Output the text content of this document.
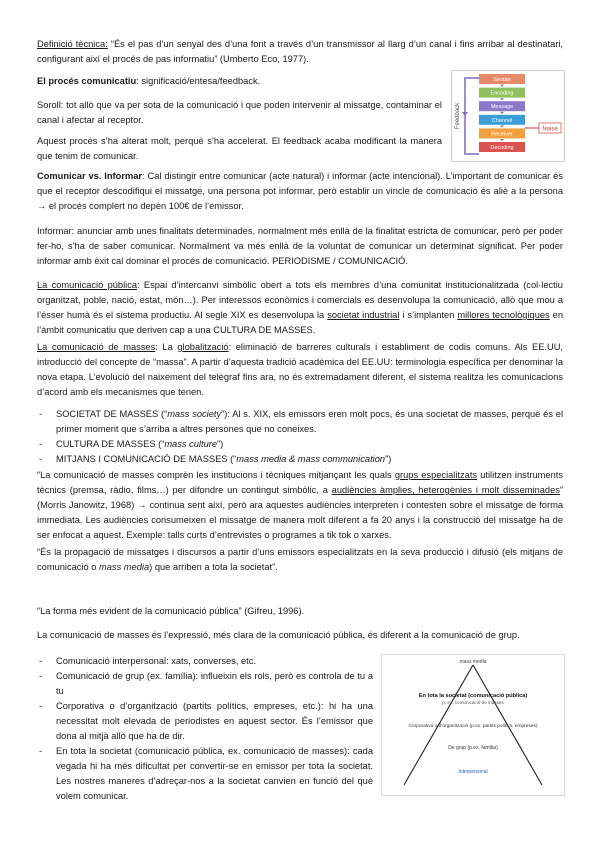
Definició tècnica: “És el pas d’un senyal des d’una font a través d’un transmissor al llarg d’un canal i fins arribar al destinatari, configurant així el procés de pas informatiu” (Umberto Eco, 1977).
El procés comunicatiu: significació/entesa/feedback.
Soroll: tot allò que va per sota de la comunicació i que poden intervenir al missatge, contaminar el canal i afectar al receptor.
Aquest procés s’ha alterat molt, perquè s’ha accelerat. El feedback acaba modificant la manera que tenim de comunicar.
Feedback
Sender
Encoding
Message
Channel
Receiver
Decoding
Noise
Comunicar vs. Informar: Cal distingir entre comunicar (acte natural) i informar (acte intencional). L’important de comunicar és que el receptor descodifiqui el missatge, una persona pot informar, però establir un vincle de comunicació és aliè a la persona → el procés complert no depèn 100€ de l’emissor.
Informar: anunciar amb unes finalitats determinades, normalment més enllà de la finalitat estricta de comunicar, però per poder fer-ho, s’ha de saber comunicar. Normalment va més enllà de la voluntat de comunicar un determinat significat. Per poder informar amb èxit cal dominar el procés de comunicació. PERIODISME / COMUNICACIÓ.
La comunicació pública: Espai d’intercanvi simbòlic obert a tots els membres d’una comunitat institucionalitzada (col·lectiu organitzat, poble, nació, estat, món…). Per interessos econòmics i comercials es desenvolupa la comunicació, allò que mou a l’ésser humà és el sistema productiu. Al segle XIX es desenvolupa la societat industrial i s’implanten millores tecnològiques en l’àmbit comunicatiu que deriven cap a una CULTURA DE MASSES.
La comunicació de masses: La globalització: eliminació de barreres culturals i establiment de codis comuns. Als EE.UU, introducció del concepte de “massa”. A partir d’aquesta tradició acadèmica del EE.UU: terminologia específica per denominar la nova etapa. L’evolució del naixement del telègraf fins ara, no és extremadament diferent, el sistema realitza les comunicacions d’acord amb els mecanismes que tenen.
- SOCIETAT DE MASSES (“mass society”): Al s. XIX, els emissors eren molt pocs, és una societat de masses, perquè és el primer moment que s’arriba a altres persones que no coneixes.
- CULTURA DE MASSES (“mass culture”)
- MITJANS I COMUNICACIÓ DE MASSES (“mass media & mass communication”)
“La comunicació de masses comprèn les institucions i tècniques mitjançant les quals grups especialitzats utilitzen instruments tècnics (premsa, ràdio, films…) per difondre un contingut simbòlic, a audiències àmplies, heterogènies i molt disseminades” (Morris Janowitz, 1968) → continua sent així, però ara aquestes audiències interpreten i contesten sobre el missatge de forma immediata. Les audiències consumeixen el missatge de manera molt diferent a fa 20 anys i la construcció del missatge ha de ser enfocat a aquest. Exemple: talls curts d’entrevistes o programes a tik tok o xarxes.
“És la propagació de missatges i discursos a partir d’uns emissors especialitzats en la seva producció i difusió (els mitjans de comunicació o mass media) que arriben a tota la societat”.
“La forma més evident de la comunicació pública” (Gifreu, 1996).
La comunicació de masses és l’expressió, més clara de la comunicació pública, és diferent a la comunicació de grup.
- Comunicació interpersonal: xats, converses, etc.
- Comunicació de grup (ex. família): influeixin els rols, però es controla de tu a tu
- Corporativa o d’organització (partits polítics, empreses, etc.): hi ha una necessitat molt elevada de periodistes en aquest sector. És l’emissor que dona al mitjà allò que ha de dir.
- En tota la societat (comunicació pública, ex. comunicació de masses): cada vegada hi ha més dificultat per convertir-se en emissor per tota la societat. Les nostres maneres d’adreçar-nos a la societat canvien en funció del què volem comunicar.
mass media
En tota la societat (comunicació pública)
p. ex. comunicació de masses
Corporativa o d’organització (p.ex. partits polítics, empreses)
De grup (p.ex. família)
Interpersonal
